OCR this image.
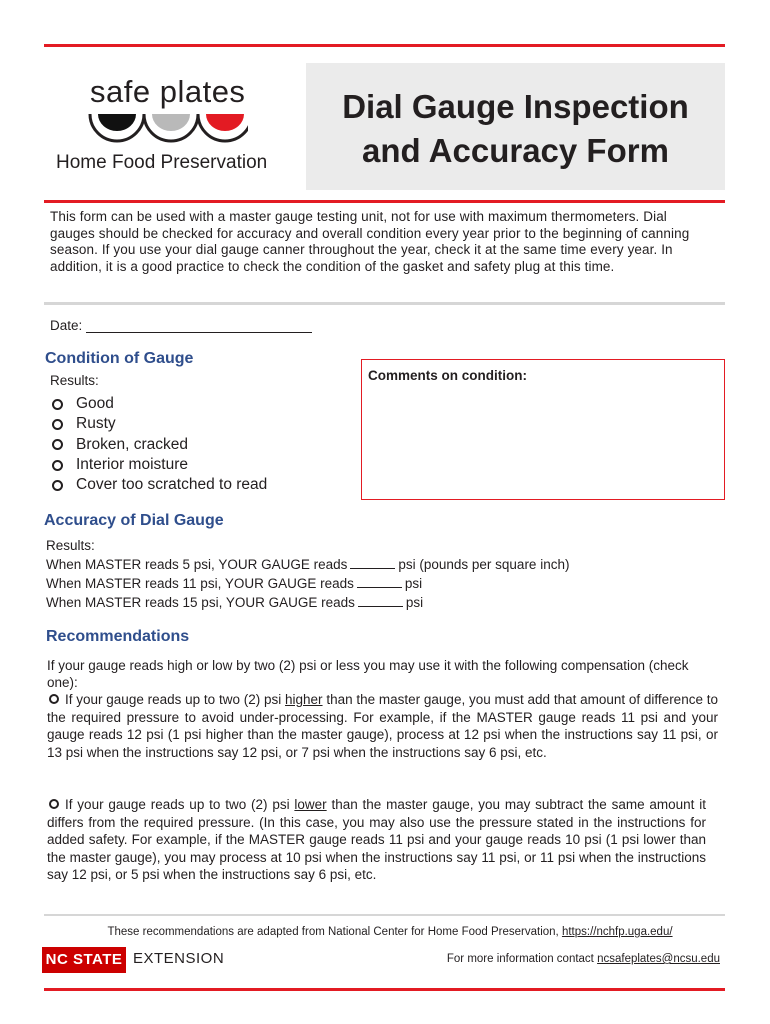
safe plates
Home Food Preservation
Dial Gauge Inspection
and Accuracy Form
This form can be used with a master gauge testing unit, not for use with maximum thermometers. Dial gauges should be checked for accuracy and overall condition every year prior to the beginning of canning season. If you use your dial gauge canner throughout the year, check it at the same time every year. In addition, it is a good practice to check the condition of the gasket and safety plug at this time.
Date:
Condition of Gauge
Results:
Good
Rusty
Broken, cracked
Interior moisture
Cover too scratched to read
Comments on condition:
Accuracy of Dial Gauge
Results:
When MASTER reads 5 psi, YOUR GAUGE reads	psi (pounds per square inch)
When MASTER reads 11 psi, YOUR GAUGE reads	psi
When MASTER reads 15 psi, YOUR GAUGE reads	psi
Recommendations
If your gauge reads high or low by two (2) psi or less you may use it with the following compensation (check one):
If your gauge reads up to two (2) psi higher than the master gauge, you must add that amount of difference to the required pressure to avoid under-processing. For example, if the MASTER gauge reads 11 psi and your gauge reads 12 psi (1 psi higher than the master gauge), process at 12 psi when the instructions say 11 psi, or 13 psi when the instructions say 12 psi, or 7 psi when the instructions say 6 psi, etc.
If your gauge reads up to two (2) psi lower than the master gauge, you may subtract the same amount it differs from the required pressure. (In this case, you may also use the pressure stated in the instructions for added safety. For example, if the MASTER gauge reads 11 psi and your gauge reads 10 psi (1 psi lower than the master gauge), you may process at 10 psi when the instructions say 11 psi, or 11 psi when the instructions say 12 psi, or 5 psi when the instructions say 6 psi, etc.
These recommendations are adapted from National Center for Home Food Preservation, https://nchfp.uga.edu/
NC STATE EXTENSION	For more information contact ncsafeplates@ncsu.edu
